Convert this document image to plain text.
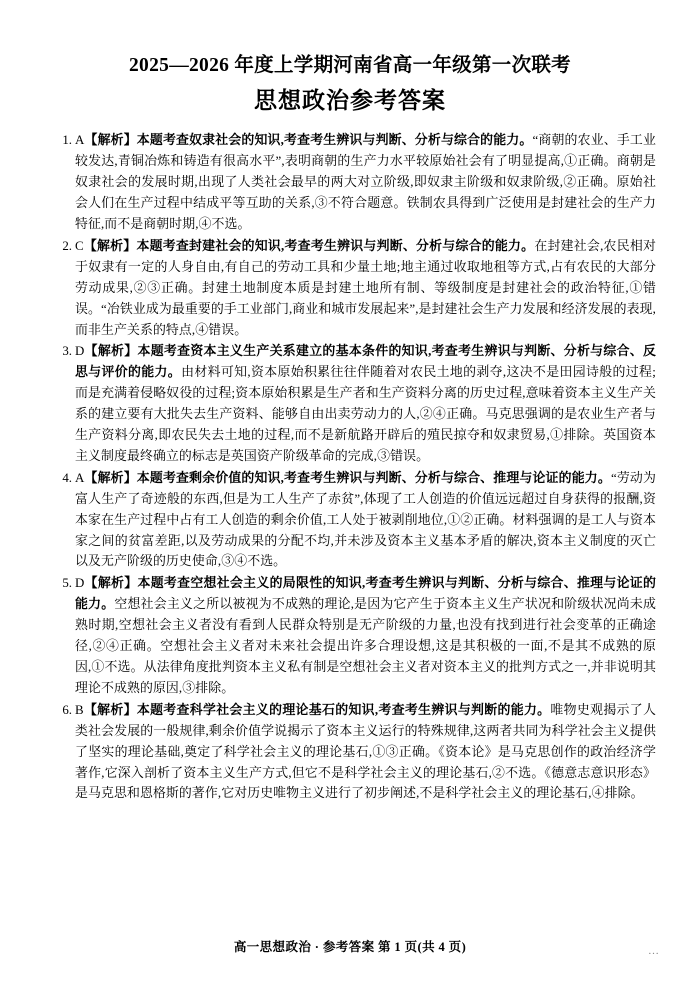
2025—2026 年度上学期河南省高一年级第一次联考
思想政治参考答案
1. A【解析】本题考查奴隶社会的知识,考查考生辨识与判断、分析与综合的能力。“商朝的农业、手工业较发达,青铜冶炼和铸造有很高水平”,表明商朝的生产力水平较原始社会有了明显提高,①正确。商朝是奴隶社会的发展时期,出现了人类社会最早的两大对立阶级,即奴隶主阶级和奴隶阶级,②正确。原始社会人们在生产过程中结成平等互助的关系,③不符合题意。铁制农具得到广泛使用是封建社会的生产力特征,而不是商朝时期,④不选。
2. C【解析】本题考查封建社会的知识,考查考生辨识与判断、分析与综合的能力。在封建社会,农民相对于奴隶有一定的人身自由,有自己的劳动工具和少量土地;地主通过收取地租等方式,占有农民的大部分劳动成果,②③正确。封建土地制度本质是封建土地所有制、等级制度是封建社会的政治特征,①错误。“冶铁业成为最重要的手工业部门,商业和城市发展起来”,是封建社会生产力发展和经济发展的表现,而非生产关系的特点,④错误。
3. D【解析】本题考查资本主义生产关系建立的基本条件的知识,考查考生辨识与判断、分析与综合、反思与评价的能力。由材料可知,资本原始积累往往伴随着对农民土地的剥夺,这决不是田园诗般的过程;而是充满着侵略奴役的过程;资本原始积累是生产者和生产资料分离的历史过程,意味着资本主义生产关系的建立要有大批失去生产资料、能够自由出卖劳动力的人,②④正确。马克思强调的是农业生产者与生产资料分离,即农民失去土地的过程,而不是新航路开辟后的殖民掠夺和奴隶贸易,①排除。英国资本主义制度最终确立的标志是英国资产阶级革命的完成,③错误。
4. A【解析】本题考查剩余价值的知识,考查考生辨识与判断、分析与综合、推理与论证的能力。“劳动为富人生产了奇迹般的东西,但是为工人生产了赤贫”,体现了工人创造的价值远远超过自身获得的报酬,资本家在生产过程中占有工人创造的剩余价值,工人处于被剥削地位,①②正确。材料强调的是工人与资本家之间的贫富差距,以及劳动成果的分配不均,并未涉及资本主义基本矛盾的解决,资本主义制度的灭亡以及无产阶级的历史使命,③④不选。
5. D【解析】本题考查空想社会主义的局限性的知识,考查考生辨识与判断、分析与综合、推理与论证的能力。空想社会主义之所以被视为不成熟的理论,是因为它产生于资本主义生产状况和阶级状况尚未成熟时期,空想社会主义者没有看到人民群众特别是无产阶级的力量,也没有找到进行社会变革的正确途径,②④正确。空想社会主义者对未来社会提出许多合理设想,这是其积极的一面,不是其不成熟的原因,①不选。从法律角度批判资本主义私有制是空想社会主义者对资本主义的批判方式之一,并非说明其理论不成熟的原因,③排除。
6. B【解析】本题考查科学社会主义的理论基石的知识,考查考生辨识与判断的能力。唯物史观揭示了人类社会发展的一般规律,剩余价值学说揭示了资本主义运行的特殊规律,这两者共同为科学社会主义提供了坚实的理论基础,奠定了科学社会主义的理论基石,①③正确。《资本论》是马克思创作的政治经济学著作,它深入剖析了资本主义生产方式,但它不是科学社会主义的理论基石,②不选。《德意志意识形态》是马克思和恩格斯的著作,它对历史唯物主义进行了初步阐述,不是科学社会主义的理论基石,④排除。
高一思想政治 · 参考答案 第 1 页(共 4 页)	…
